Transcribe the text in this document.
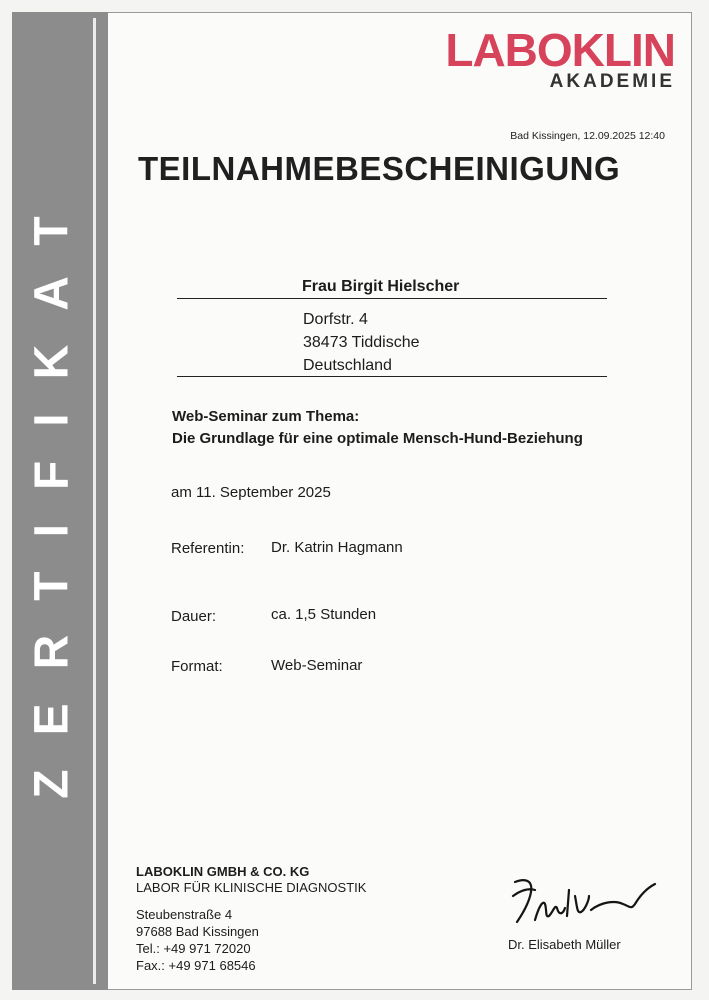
ZERTIFIKAT
LABOKLIN
AKADEMIE
Bad Kissingen, 12.09.2025 12:40
TEILNAHMEBESCHEINIGUNG
Frau Birgit Hielscher
Dorfstr. 4
38473 Tiddische
Deutschland
Web-Seminar zum Thema:
Die Grundlage für eine optimale Mensch-Hund-Beziehung
am 11. September 2025
Referentin: Dr. Katrin Hagmann
Dauer:	ca. 1,5 Stunden
Format:	Web-Seminar
LABOKLIN GMBH & CO. KG
LABOR FÜR KLINISCHE DIAGNOSTIK
Steubenstraße 4
97688 Bad Kissingen
Tel.: +49 971 72020
Fax.: +49 971 68546
Dr. Elisabeth Müller
